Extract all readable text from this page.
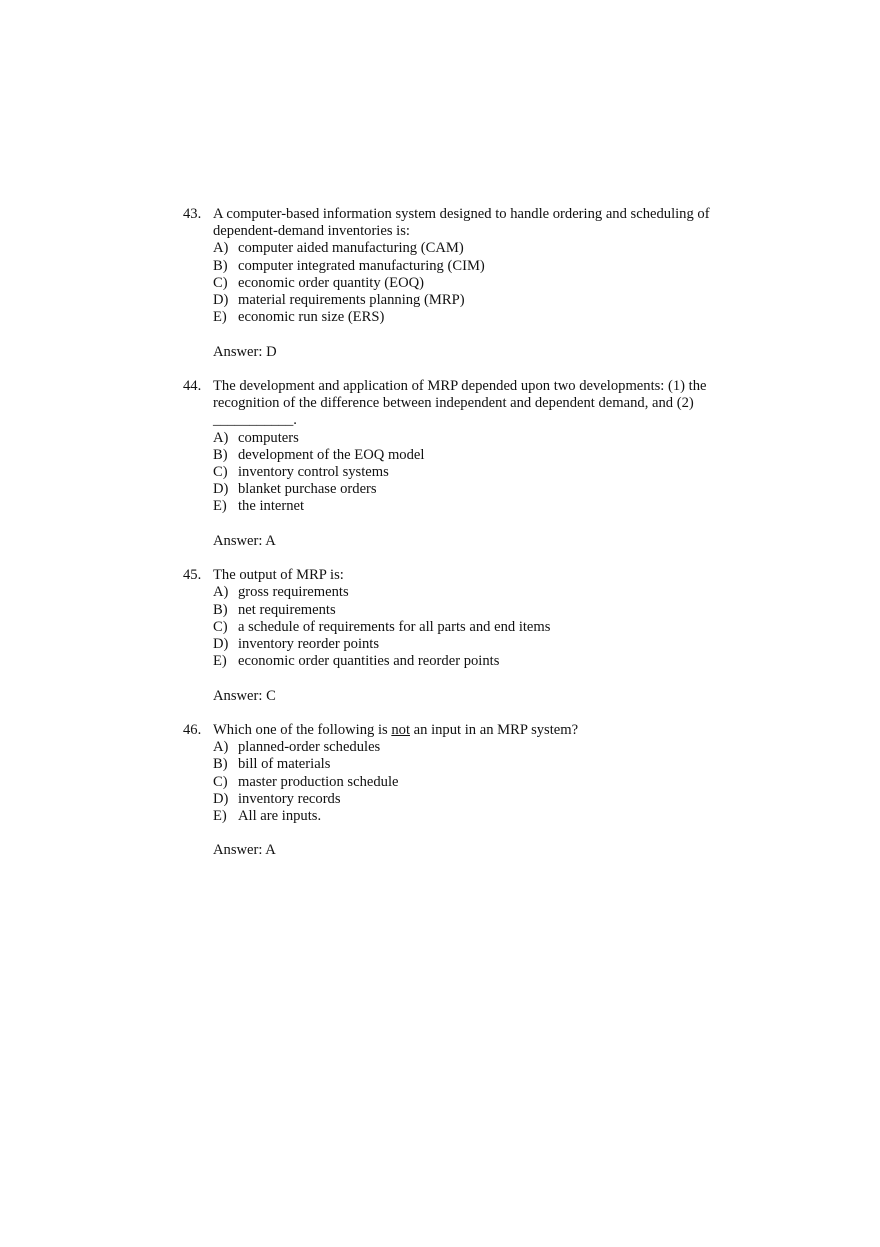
43. A computer-based information system designed to handle ordering and scheduling of dependent-demand inventories is:
A) computer aided manufacturing (CAM)
B) computer integrated manufacturing (CIM)
C) economic order quantity (EOQ)
D) material requirements planning (MRP)
E) economic run size (ERS)
Answer: D
44. The development and application of MRP depended upon two developments: (1) the recognition of the difference between independent and dependent demand, and (2) ___________.
A) computers
B) development of the EOQ model
C) inventory control systems
D) blanket purchase orders
E) the internet
Answer: A
45. The output of MRP is:
A) gross requirements
B) net requirements
C) a schedule of requirements for all parts and end items
D) inventory reorder points
E) economic order quantities and reorder points
Answer: C
46. Which one of the following is not an input in an MRP system?
A) planned-order schedules
B) bill of materials
C) master production schedule
D) inventory records
E) All are inputs.
Answer: A
